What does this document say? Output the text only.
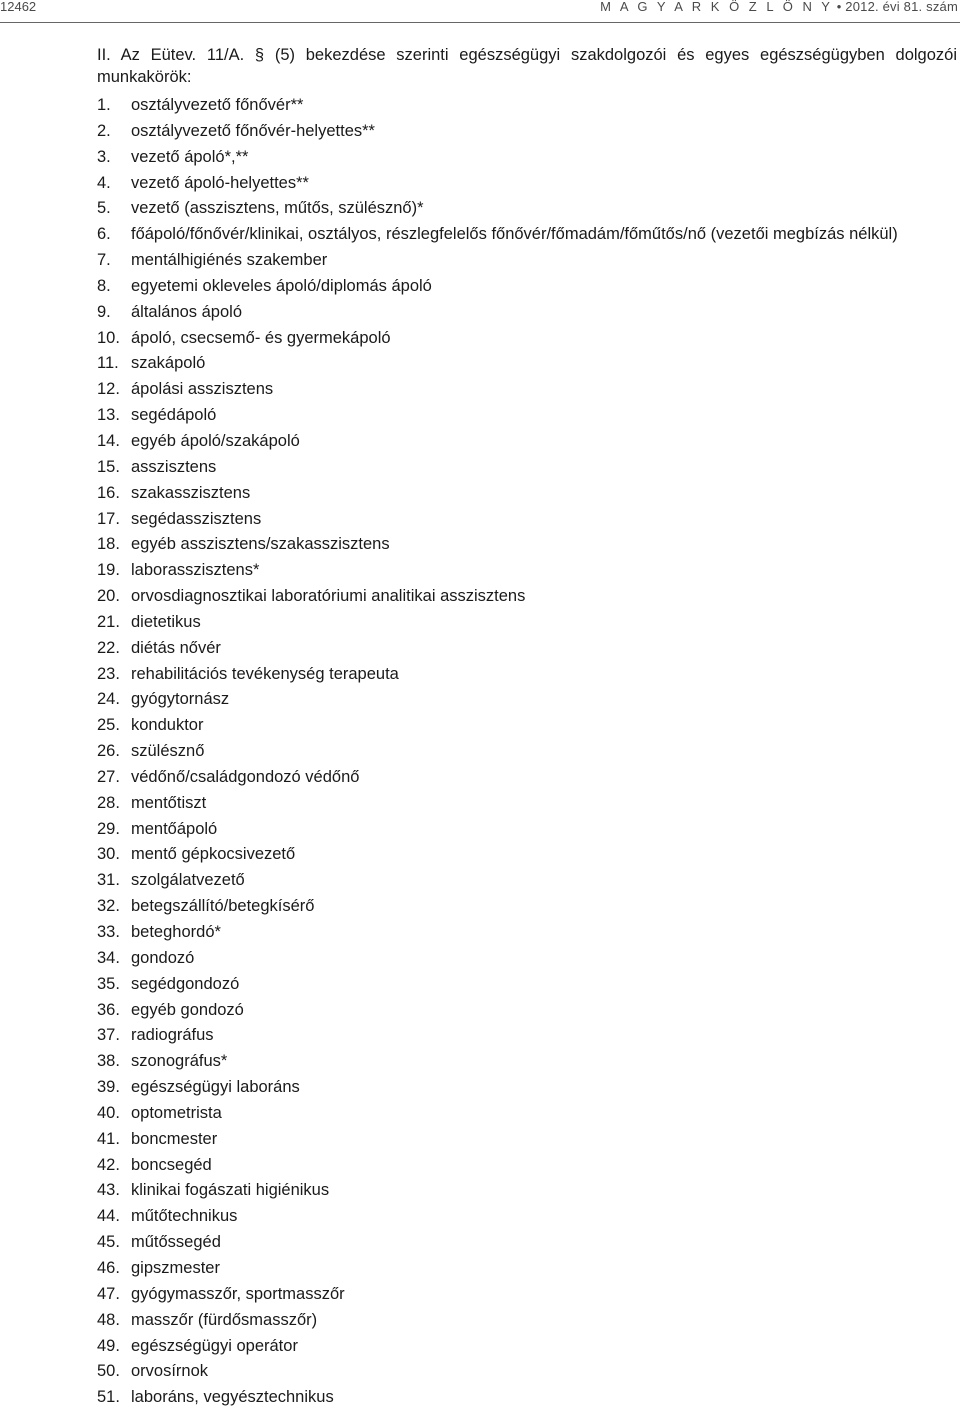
12462	M A G Y A R K Ö Z L Ö N Y • 2012. évi 81. szám
II. Az Eütev. 11/A. § (5) bekezdése szerinti egészségügyi szakdolgozói és egyes egészségügyben dolgozói munkakörök:
1.	osztályvezető főnővér**
2.	osztályvezető főnővér-helyettes**
3.	vezető ápoló*,**
4.	vezető ápoló-helyettes**
5.	vezető (asszisztens, műtős, szülésznő)*
6.	főápoló/főnővér/klinikai, osztályos, részlegfelelős főnővér/főmadám/főműtős/nő (vezetői megbízás nélkül)
7.	mentálhigiénés szakember
8.	egyetemi okleveles ápoló/diplomás ápoló
9.	általános ápoló
10. ápoló, csecsemő- és gyermekápoló
11. szakápoló
12. ápolási asszisztens
13. segédápoló
14. egyéb ápoló/szakápoló
15. asszisztens
16. szakasszisztens
17. segédasszisztens
18. egyéb asszisztens/szakasszisztens
19. laborasszisztens*
20. orvosdiagnosztikai laboratóriumi analitikai asszisztens
21. dietetikus
22. diétás nővér
23. rehabilitációs tevékenység terapeuta
24. gyógytornász
25. konduktor
26. szülésznő
27. védőnő/családgondozó védőnő
28. mentőtiszt
29. mentőápoló
30. mentő gépkocsivezető
31. szolgálatvezető
32. betegszállító/betegkísérő
33. beteghordó*
34. gondozó
35. segédgondozó
36. egyéb gondozó
37. radiográfus
38. szonográfus*
39. egészségügyi laboráns
40. optometrista
41. boncmester
42. boncsegéd
43. klinikai fogászati higiénikus
44. műtőtechnikus
45. műtőssegéd
46. gipszmester
47. gyógymasszőr, sportmasszőr
48. masszőr (fürdősmasszőr)
49. egészségügyi operátor
50. orvosírnok
51. laboráns, vegyésztechnikus
